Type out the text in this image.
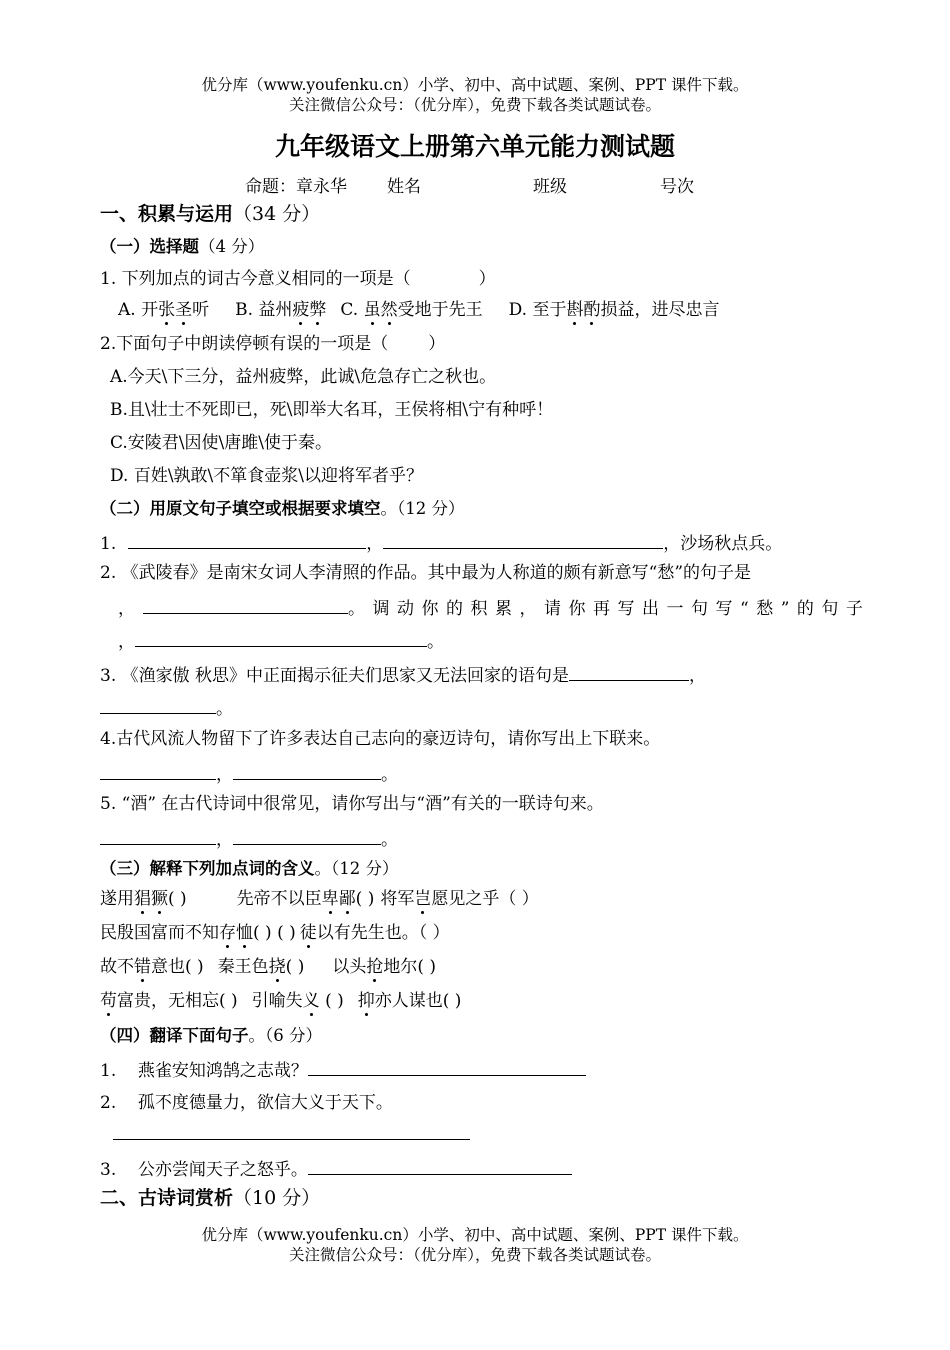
优分库（www.youfenku.cn）小学、初中、高中试题、案例、PPT 课件下载。
关注微信公众号：（优分库），免费下载各类试题试卷。
九年级语文上册第六单元能力测试题
命题：章永华 姓名	班级	号次
一、积累与运用（34 分）
（一）选择题（4 分）
1. 下列加点的词古今意义相同的一项是（	）
A. 开张圣听 B. 益州疲弊 C. 虽然受地于先王 D. 至于斟酌损益，进尽忠言
2.下面句子中朗读停顿有误的一项是（ ）
A.今天\下三分，益州疲弊，此诚\危急存亡之秋也。
B.且\壮士不死即已，死\即举大名耳，王侯将相\宁有种呼！
C.安陵君\因使\唐雎\使于秦。
D. 百姓\孰敢\不箪食壶浆\以迎将军者乎？
（二）用原文句子填空或根据要求填空。（12 分）
1.	，	，沙场秋点兵。
2. 《武陵春》是南宋女词人李清照的作品。其中最为人称道的颇有新意写“愁”的句子是
，	。调动你的积累，请你再写出一句写“愁”的句子
，	。
3. 《渔家傲 秋思》中正面揭示征夫们思家又无法回家的语句是	，
。
4.古代风流人物留下了许多表达自己志向的豪迈诗句，请你写出上下联来。
，	。
5. “酒” 在古代诗词中很常见，请你写出与“酒”有关的一联诗句来。
，	。
（三）解释下列加点词的含义。（12 分）
遂用猖獗( )	先帝不以臣卑鄙( ) 将军岂愿见之乎（ ）
民殷国富而不知存恤( ) ( ) 徒以有先生也。（ ）
故不错意也( ) 秦王色挠( ) 以头抢地尔( )
苟富贵，无相忘( ) 引喻失义 ( ) 抑亦人谋也( )
（四）翻译下面句子。（6 分）
1.    燕雀安知鸿鹄之志哉？
2.    孤不度德量力，欲信大义于天下。
3.    公亦尝闻天子之怒乎。
二、古诗词赏析（10 分）
优分库（www.youfenku.cn）小学、初中、高中试题、案例、PPT 课件下载。
关注微信公众号：（优分库），免费下载各类试题试卷。
